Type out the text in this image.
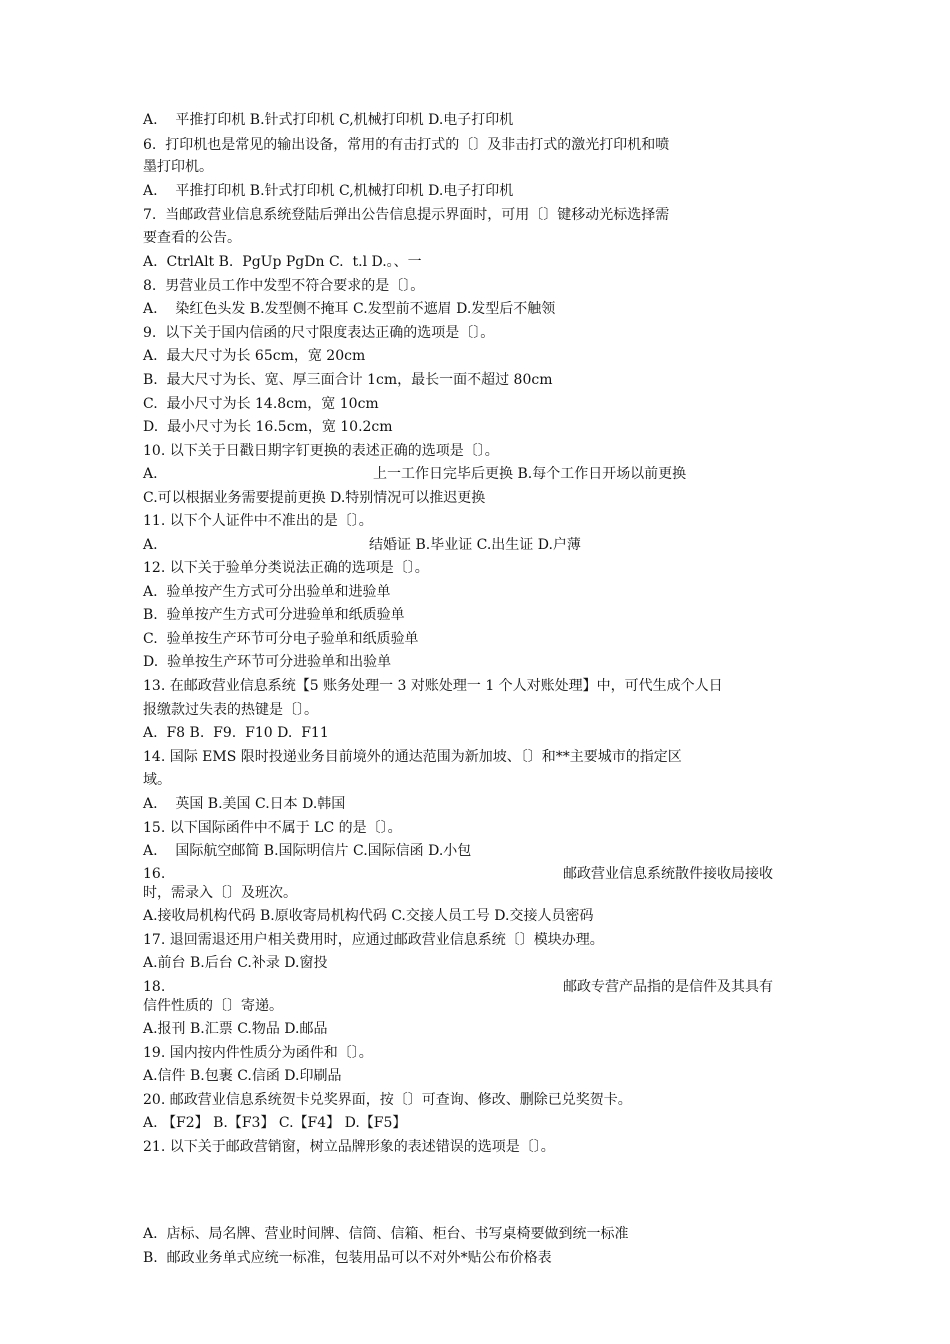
A.    平推打印机 B.针式打印机 C,机械打印机 D.电子打印机
6.  打印机也是常见的输出设备，常用的有击打式的〔〕及非击打式的激光打印机和喷
墨打印机。
A.    平推打印机 B.针式打印机 C,机械打印机 D.电子打印机
7.  当邮政营业信息系统登陆后弹出公告信息提示界面时，可用〔〕键移动光标选择需
要查看的公告。
A.  CtrlAlt B.  PgUp PgDn C.  t.l D.。、一
8.  男营业员工作中发型不符合要求的是〔〕。
A.    染红色头发 B.发型侧不掩耳 C.发型前不遮眉 D.发型后不触领
9.  以下关于国内信函的尺寸限度表达正确的选项是〔〕。
A.  最大尺寸为长 65cm，宽 20cm
B.  最大尺寸为长、宽、厚三面合计 1cm，最长一面不超过 80cm
C.  最小尺寸为长 14.8cm，宽 10cm
D.  最小尺寸为长 16.5cm，宽 10.2cm
10. 以下关于日戳日期字钉更换的表述正确的选项是〔〕。
A.	上一工作日完毕后更换 B.每个工作日开场以前更换
C.可以根据业务需要提前更换 D.特别情况可以推迟更换
11. 以下个人证件中不准出的是〔〕。
A.	结婚证 B.毕业证 C.出生证 D.户薄
12. 以下关于验单分类说法正确的选项是〔〕。
A.  验单按产生方式可分出验单和进验单
B.  验单按产生方式可分进验单和纸质验单
C.  验单按生产环节可分电子验单和纸质验单
D.  验单按生产环节可分进验单和出验单
13. 在邮政营业信息系统【5 账务处理一 3 对账处理一 1 个人对账处理】中，可代生成个人日
报缴款过失表的热键是〔〕。
A.  F8 B.  F9.  F10 D.  F11
14. 国际 EMS 限时投递业务目前境外的通达范围为新加坡、〔〕和**主要城市的指定区
域。
A.    英国 B.美国 C.日本 D.韩国
15. 以下国际函件中不属于 LC 的是〔〕。
A.    国际航空邮简 B.国际明信片 C.国际信函 D.小包
16.	邮政营业信息系统散件接收局接收
时，需录入〔〕及班次。
A.接收局机构代码 B.原收寄局机构代码 C.交接人员工号 D.交接人员密码
17. 退回需退还用户相关费用时，应通过邮政营业信息系统〔〕模块办理。
A.前台 B.后台 C.补录 D.窗投
18.	邮政专营产品指的是信件及其具有
信件性质的〔〕寄递。
A.报刊 B.汇票 C.物品 D.邮品
19. 国内按内件性质分为函件和〔〕。
A.信件 B.包裹 C.信函 D.印刷品
20. 邮政营业信息系统贺卡兑奖界面，按〔〕可查询、修改、删除已兑奖贺卡。
A. 【F2】 B.【F3】 C.【F4】 D.【F5】
21. 以下关于邮政营销窗，树立品牌形象的表述错误的选项是〔〕。
A.  店标、局名牌、营业时间牌、信筒、信箱、柜台、书写桌椅要做到统一标准
B.  邮政业务单式应统一标准，包装用品可以不对外*贴公布价格表
